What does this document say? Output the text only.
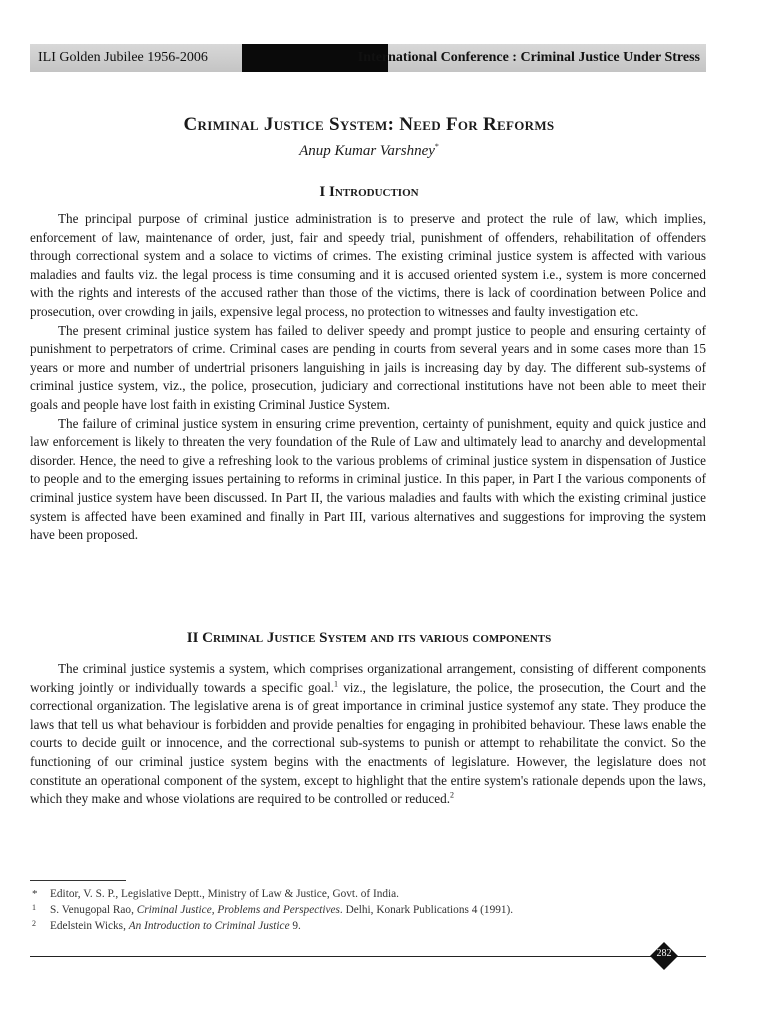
ILI Golden Jubilee 1956-2006	International Conference : Criminal Justice Under Stress
Criminal Justice System: Need For Reforms
Anup Kumar Varshney*
I Introduction

The principal purpose of criminal justice administration is to preserve and protect the rule of law, which implies, enforcement of law, maintenance of order, just, fair and speedy trial, punishment of offenders, rehabilitation of offenders through correctional system and a solace to victims of crimes. The existing criminal justice system is affected with various maladies and faults viz. the legal process is time consuming and it is accused oriented system i.e., system is more concerned with the rights and interests of the accused rather than those of the victims, there is lack of coordination between Police and prosecution, over crowding in jails, expensive legal process, no protection to witnesses and faulty investigation etc.

The present criminal justice system has failed to deliver speedy and prompt justice to people and ensuring certainty of punishment to perpetrators of crime. Criminal cases are pending in courts from several years and in some cases more than 15 years or more and number of undertrial prisoners languishing in jails is increasing day by day. The different sub-systems of criminal justice system, viz., the police, prosecution, judiciary and correctional institutions have not been able to meet their goals and people have lost faith in existing Criminal Justice System.

The failure of criminal justice system in ensuring crime prevention, certainty of punishment, equity and quick justice and law enforcement is likely to threaten the very foundation of the Rule of Law and ultimately lead to anarchy and developmental disorder. Hence, the need to give a refreshing look to the various problems of criminal justice system in dispensation of Justice to people and to the emerging issues pertaining to reforms in criminal justice. In this paper, in Part I the various components of criminal justice system have been discussed. In Part II, the various maladies and faults with which the existing criminal justice system is affected have been examined and finally in Part III, various alternatives and suggestions for improving the system have been proposed.

II Criminal Justice System and its various components

The criminal justice systemis a system, which comprises organizational arrangement, consisting of different components working jointly or individually towards a specific goal.$^1$ viz., the legislature, the police, the prosecution, the Court and the correctional organization. The legislative arena is of great importance in criminal justice systemof any state. They produce the laws that tell us what behaviour is forbidden and provide penalties for engaging in prohibited behaviour. These laws enable the courts to decide guilt or innocence, and the correctional sub-systems to punish or attempt to rehabilitate the convict. So the functioning of our criminal justice system begins with the enactments of legislature. However, the legislature does not constitute an operational component of the system, except to highlight that the entire system's rationale depends upon the laws, which they make and whose violations are required to be controlled or reduced.$^2$

* Editor, V. S. P., Legislative Deptt., Ministry of Law & Justice, Govt. of India.
1 S. Venugopal Rao, Criminal Justice, Problems and Perspectives. Delhi, Konark Publications 4 (1991).
2 Edelstein Wicks, An Introduction to Criminal Justice 9.
282
